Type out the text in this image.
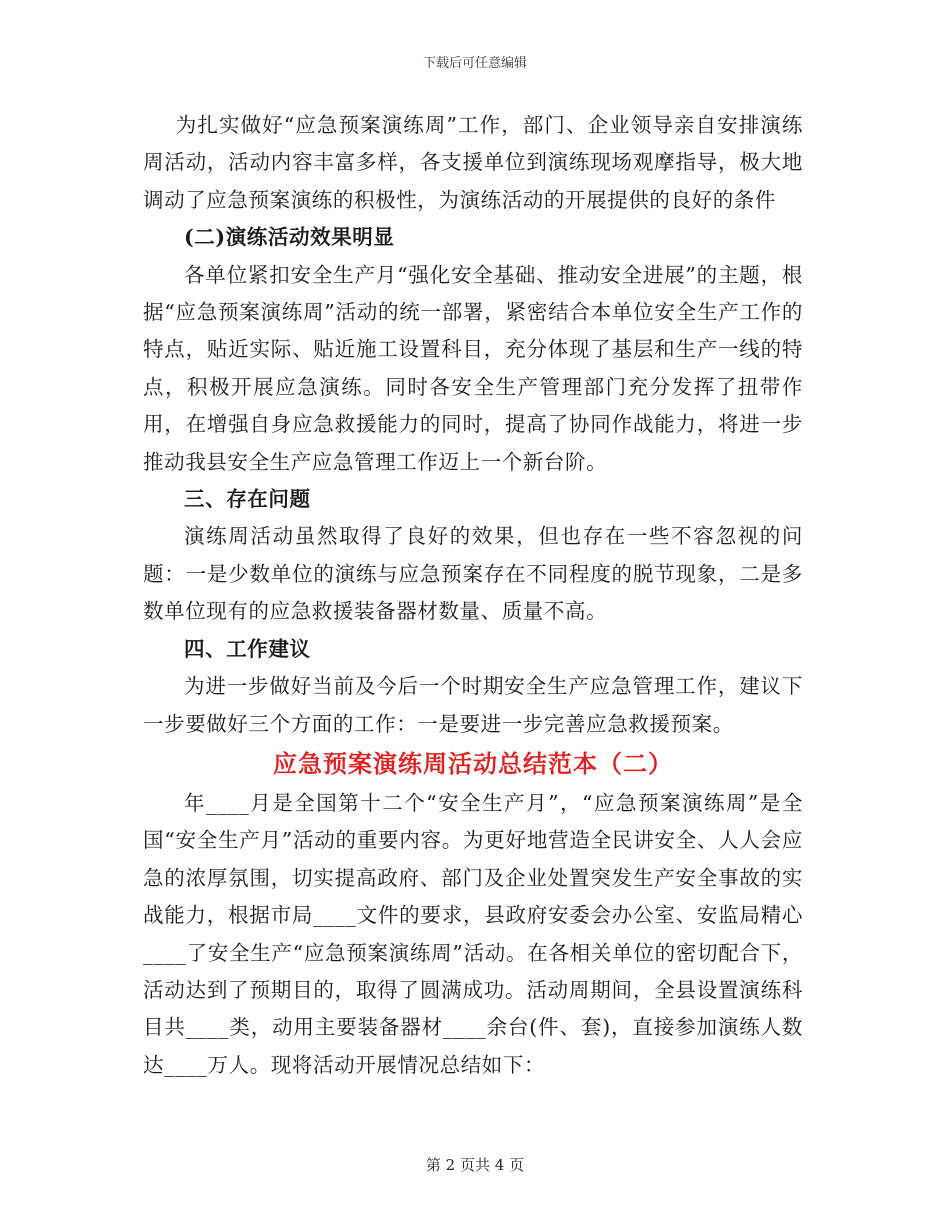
下载后可任意编辑

为扎实做好“应急预案演练周”工作，部门、企业领导亲自安排演练周活动，活动内容丰富多样，各支援单位到演练现场观摩指导，极大地调动了应急预案演练的积极性，为演练活动的开展提供的良好的条件

(二)演练活动效果明显

各单位紧扣安全生产月“强化安全基础、推动安全进展”的主题，根据“应急预案演练周”活动的统一部署，紧密结合本单位安全生产工作的特点，贴近实际、贴近施工设置科目，充分体现了基层和生产一线的特点，积极开展应急演练。同时各安全生产管理部门充分发挥了扭带作用，在增强自身应急救援能力的同时，提高了协同作战能力，将进一步推动我县安全生产应急管理工作迈上一个新台阶。

三、存在问题

演练周活动虽然取得了良好的效果，但也存在一些不容忽视的问题：一是少数单位的演练与应急预案存在不同程度的脱节现象，二是多数单位现有的应急救援装备器材数量、质量不高。

四、工作建议

为进一步做好当前及今后一个时期安全生产应急管理工作，建议下一步要做好三个方面的工作：一是要进一步完善应急救援预案。

应急预案演练周活动总结范本（二）

年____月是全国第十二个“安全生产月”，“应急预案演练周”是全国“安全生产月”活动的重要内容。为更好地营造全民讲安全、人人会应急的浓厚氛围，切实提高政府、部门及企业处置突发生产安全事故的实战能力，根据市局____文件的要求，县政府安委会办公室、安监局精心____了安全生产“应急预案演练周”活动。在各相关单位的密切配合下，活动达到了预期目的，取得了圆满成功。活动周期间，全县设置演练科目共____类，动用主要装备器材____余台(件、套)，直接参加演练人数达____万人。现将活动开展情况总结如下：

第 2 页共 4 页
